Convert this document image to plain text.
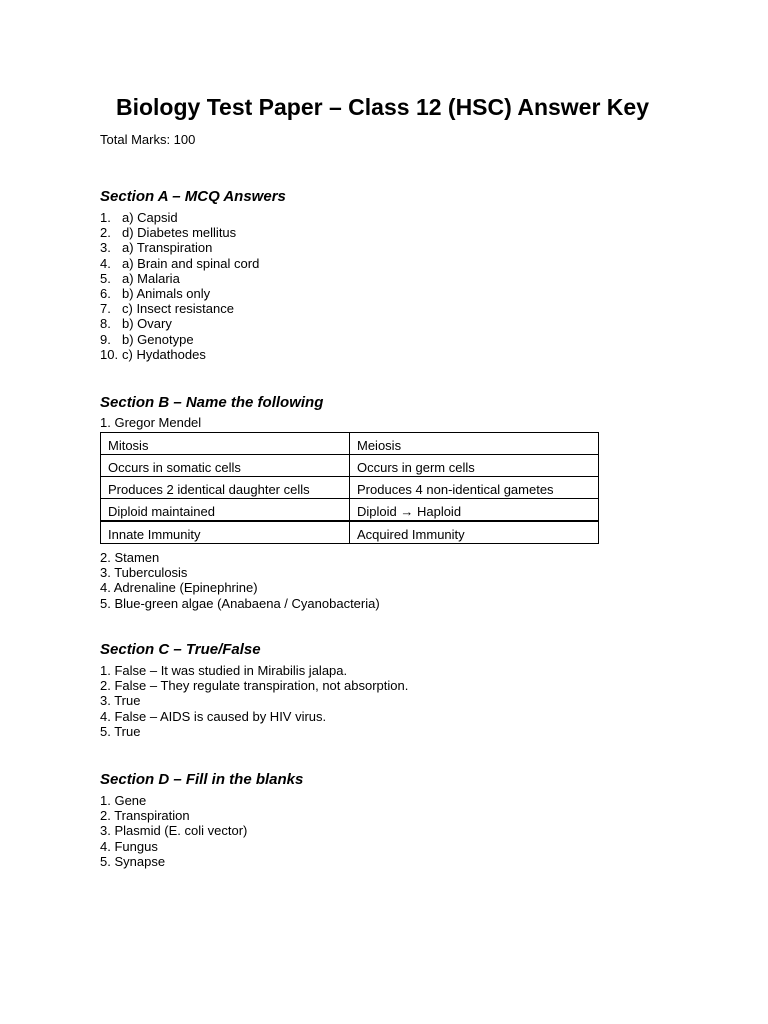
Biology Test Paper – Class 12 (HSC) Answer Key
Total Marks: 100
Section A – MCQ Answers
1. a) Capsid
2. d) Diabetes mellitus
3. a) Transpiration
4. a) Brain and spinal cord
5. a) Malaria
6. b) Animals only
7. c) Insect resistance
8. b) Ovary
9. b) Genotype
10. c) Hydathodes
Section B – Name the following
1. Gregor Mendel
Mitosis	Meiosis
Occurs in somatic cells	Occurs in germ cells
Produces 2 identical daughter cells	Produces 4 non-identical gametes
Diploid maintained	Diploid → Haploid
Innate Immunity	Acquired Immunity
2. Stamen
3. Tuberculosis
4. Adrenaline (Epinephrine)
5. Blue-green algae (Anabaena / Cyanobacteria)
Section C – True/False
1. False – It was studied in Mirabilis jalapa.
2. False – They regulate transpiration, not absorption.
3. True
4. False – AIDS is caused by HIV virus.
5. True
Section D – Fill in the blanks
1. Gene
2. Transpiration
3. Plasmid (E. coli vector)
4. Fungus
5. Synapse
